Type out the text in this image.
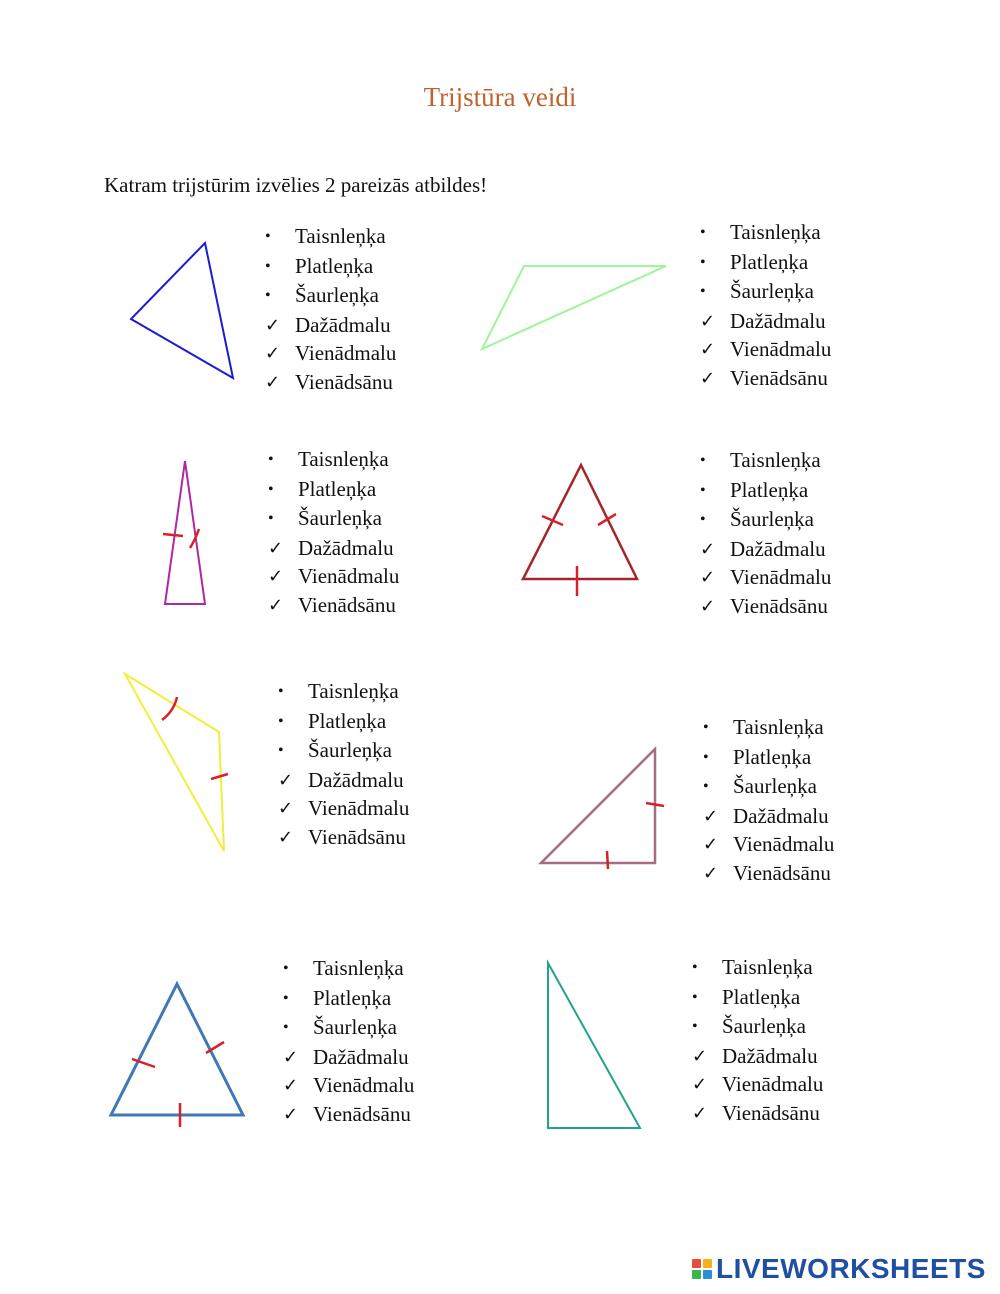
Trijstūra veidi
Katram trijstūrim izvēlies 2 pareizās atbildes!
•	Taisnleņķa
•	Platleņķa
•	Šaurleņķa
✓ Dažādmalu
✓ Vienādmalu
✓ Vienādsānu
•	Taisnleņķa
•	Platleņķa
•	Šaurleņķa
✓ Dažādmalu
✓ Vienādmalu
✓ Vienādsānu
•	Taisnleņķa
•	Platleņķa
•	Šaurleņķa
✓ Dažādmalu
✓ Vienādmalu
✓ Vienādsānu
•	Taisnleņķa
•	Platleņķa
•	Šaurleņķa
✓ Dažādmalu
✓ Vienādmalu
✓ Vienādsānu
•	Taisnleņķa
•	Platleņķa
•	Šaurleņķa
✓ Dažādmalu
✓ Vienādmalu
✓ Vienādsānu
•	Taisnleņķa
•	Platleņķa
•	Šaurleņķa
✓ Dažādmalu
✓ Vienādmalu
✓ Vienādsānu
•	Taisnleņķa
•	Platleņķa
•	Šaurleņķa
✓ Dažādmalu
✓ Vienādmalu
✓ Vienādsānu
•	Taisnleņķa
•	Platleņķa
•	Šaurleņķa
✓ Dažādmalu
✓ Vienādmalu
✓ Vienādsānu
LIVEWORKSHEETS
